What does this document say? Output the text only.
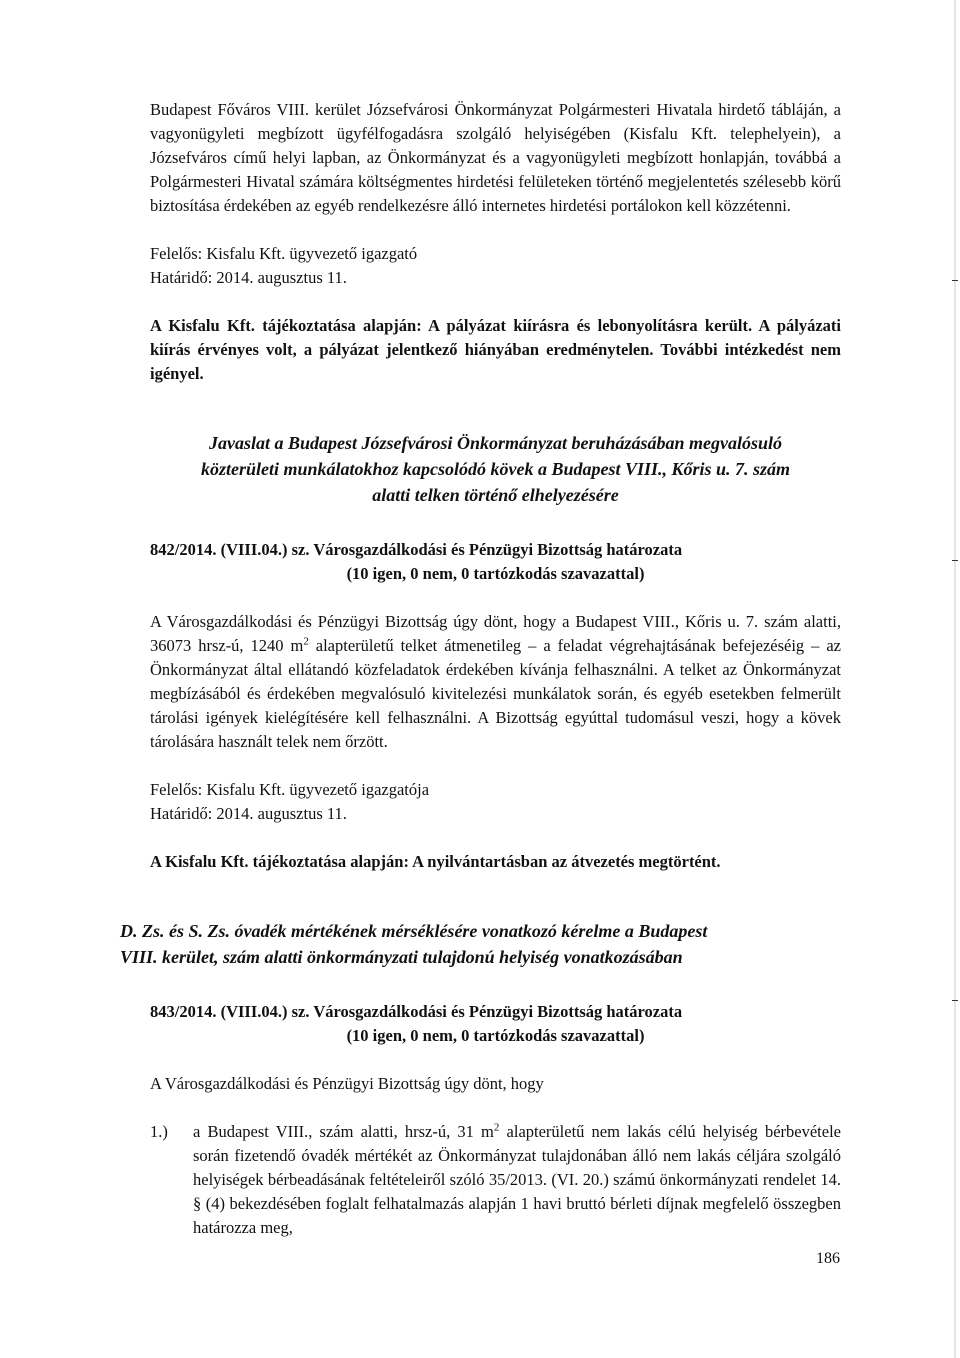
Budapest Főváros VIII. kerület Józsefvárosi Önkormányzat Polgármesteri Hivatala hirdető tábláján, a vagyonügyleti megbízott ügyfélfogadásra szolgáló helyiségében (Kisfalu Kft. telephelyein), a Józsefváros című helyi lapban, az Önkormányzat és a vagyonügyleti megbízott honlapján, továbbá a Polgármesteri Hivatal számára költségmentes hirdetési felületeken történő megjelentetés szélesebb körű biztosítása érdekében az egyéb rendelkezésre álló internetes hirdetési portálokon kell közzétenni.

Felelős: Kisfalu Kft. ügyvezető igazgató

Határidő: 2014. augusztus 11.

A Kisfalu Kft. tájékoztatása alapján: A pályázat kiírásra és lebonyolításra került. A pályázati kiírás érvényes volt, a pályázat jelentkező hiányában eredménytelen. További intézkedést nem igényel.

Javaslat a Budapest Józsefvárosi Önkormányzat beruházásában megvalósuló

közterületi munkálatokhoz kapcsolódó kövek a Budapest VIII., Kőris u. 7. szám

alatti telken történő elhelyezésére

842/2014. (VIII.04.) sz. Városgazdálkodási és Pénzügyi Bizottság határozata

(10 igen, 0 nem, 0 tartózkodás szavazattal)

A Városgazdálkodási és Pénzügyi Bizottság úgy dönt, hogy a Budapest VIII., Kőris u. 7. szám alatti, 36073 hrsz-ú, 1240 $m^2$ alapterületű telket átmenetileg – a feladat végrehajtásának befejezéséig – az Önkormányzat által ellátandó közfeladatok érdekében kívánja felhasználni. A telket az Önkormányzat megbízásából és érdekében megvalósuló kivitelezési munkálatok során, és egyéb esetekben felmerült tárolási igények kielégítésére kell felhasználni. A Bizottság egyúttal tudomásul veszi, hogy a kövek tárolására használt telek nem őrzött.

Felelős: Kisfalu Kft. ügyvezető igazgatója

Határidő: 2014. augusztus 11.

A Kisfalu Kft. tájékoztatása alapján: A nyilvántartásban az átvezetés megtörtént.

D. Zs. és S. Zs. óvadék mértékének mérséklésére vonatkozó kérelme a Budapest

VIII. kerület, szám alatti önkormányzati tulajdonú helyiség vonatkozásában

843/2014. (VIII.04.) sz. Városgazdálkodási és Pénzügyi Bizottság határozata

(10 igen, 0 nem, 0 tartózkodás szavazattal)

A Városgazdálkodási és Pénzügyi Bizottság úgy dönt, hogy

1.)	a Budapest VIII., szám alatti, hrsz-ú, 31 $m^2$ alapterületű nem lakás célú helyiség bérbevétele során fizetendő óvadék mértékét az Önkormányzat tulajdonában álló nem lakás céljára szolgáló helyiségek bérbeadásának feltételeiről szóló 35/2013. (VI. 20.) számú önkormányzati rendelet 14. § (4) bekezdésében foglalt felhatalmazás alapján 1 havi bruttó bérleti díjnak megfelelő összegben határozza meg,

186
